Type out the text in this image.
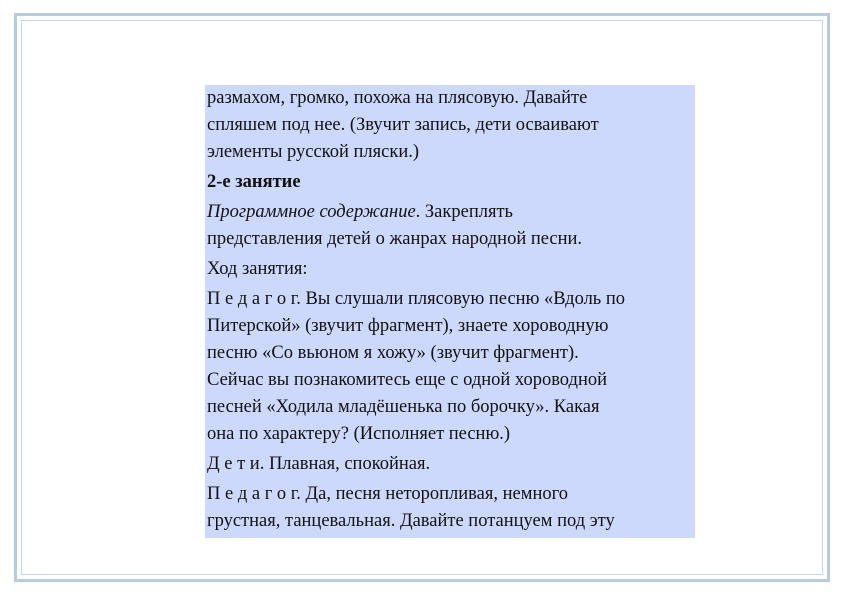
размахом, громко, похожа на плясовую. Давайте
спляшем под нее. (Звучит запись, дети осваивают
элементы русской пляски.)

2-е занятие

Программное содержание. Закреплять
представления детей о жанрах народной песни.

Ход занятия:

П е д а г о г. Вы слушали плясовую песню «Вдоль по
Питерской» (звучит фрагмент), знаете хороводную
песню «Со вьюном я хожу» (звучит фрагмент).
Сейчас вы познакомитесь еще с одной хороводной
песней «Ходила младёшенька по борочку». Какая
она по характеру? (Исполняет песню.)

Д е т и. Плавная, спокойная.

П е д а г о г. Да, песня неторопливая, немного
грустная, танцевальная. Давайте потанцуем под эту
